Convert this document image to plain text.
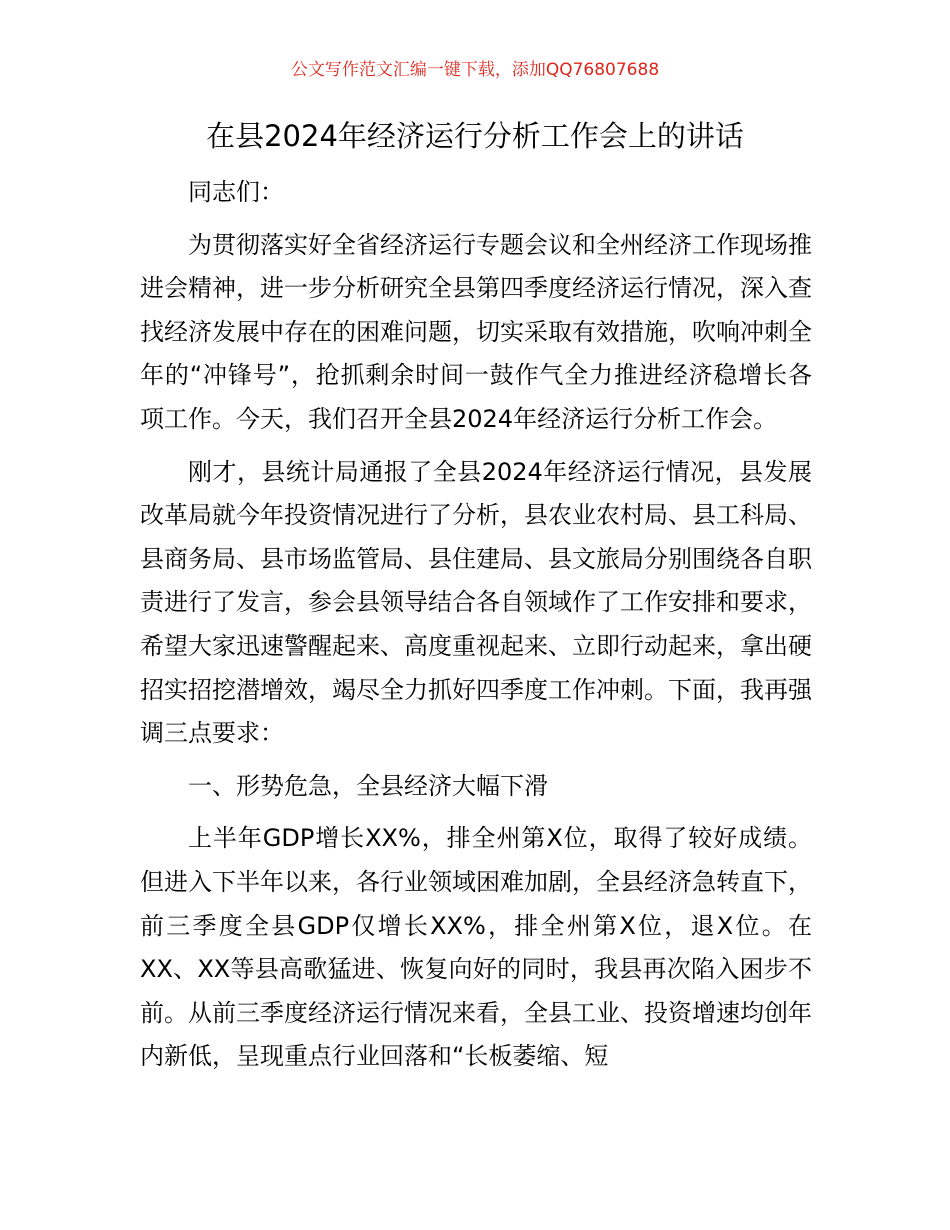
公文写作范文汇编一键下载，添加QQ76807688
在县2024年经济运行分析工作会上的讲话

同志们：

为贯彻落实好全省经济运行专题会议和全州经济工作现场推进会精神，进一步分析研究全县第四季度经济运行情况，深入查找经济发展中存在的困难问题，切实采取有效措施，吹响冲刺全年的“冲锋号”，抢抓剩余时间一鼓作气全力推进经济稳增长各项工作。今天，我们召开全县2024年经济运行分析工作会。

刚才，县统计局通报了全县2024年经济运行情况，县发展改革局就今年投资情况进行了分析，县农业农村局、县工科局、县商务局、县市场监管局、县住建局、县文旅局分别围绕各自职责进行了发言，参会县领导结合各自领域作了工作安排和要求，希望大家迅速警醒起来、高度重视起来、立即行动起来，拿出硬招实招挖潜增效，竭尽全力抓好四季度工作冲刺。下面，我再强调三点要求：

一、形势危急，全县经济大幅下滑

上半年GDP增长XX%，排全州第X位，取得了较好成绩。但进入下半年以来，各行业领域困难加剧，全县经济急转直下，前三季度全县GDP仅增长XX%，排全州第X位，退X位。在XX、XX等县高歌猛进、恢复向好的同时，我县再次陷入困步不前。从前三季度经济运行情况来看，全县工业、投资增速均创年内新低，呈现重点行业回落和“长板萎缩、短
